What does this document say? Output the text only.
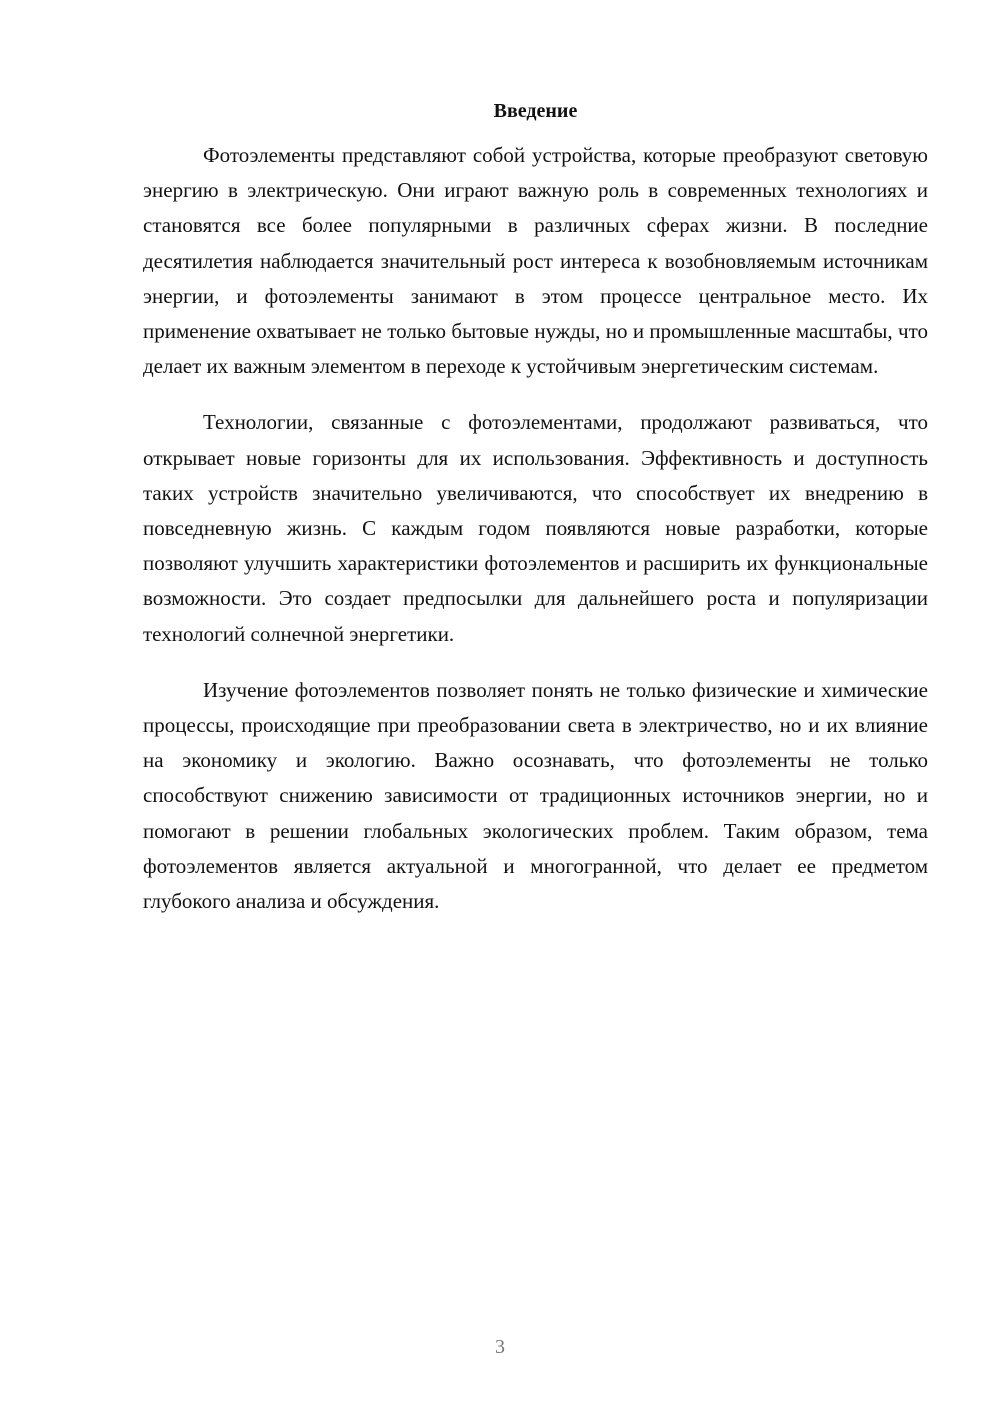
Введение

Фотоэлементы представляют собой устройства, которые преобразуют световую энергию в электрическую. Они играют важную роль в современных технологиях и становятся все более популярными в различных сферах жизни. В последние десятилетия наблюдается значительный рост интереса к возобновляемым источникам энергии, и фотоэлементы занимают в этом процессе центральное место. Их применение охватывает не только бытовые нужды, но и промышленные масштабы, что делает их важным элементом в переходе к устойчивым энергетическим системам.

Технологии, связанные с фотоэлементами, продолжают развиваться, что открывает новые горизонты для их использования. Эффективность и доступность таких устройств значительно увеличиваются, что способствует их внедрению в повседневную жизнь. С каждым годом появляются новые разработки, которые позволяют улучшить характеристики фотоэлементов и расширить их функциональные возможности. Это создает предпосылки для дальнейшего роста и популяризации технологий солнечной энергетики.

Изучение фотоэлементов позволяет понять не только физические и химические процессы, происходящие при преобразовании света в электричество, но и их влияние на экономику и экологию. Важно осознавать, что фотоэлементы не только способствуют снижению зависимости от традиционных источников энергии, но и помогают в решении глобальных экологических проблем. Таким образом, тема фотоэлементов является актуальной и многогранной, что делает ее предметом глубокого анализа и обсуждения.

3
